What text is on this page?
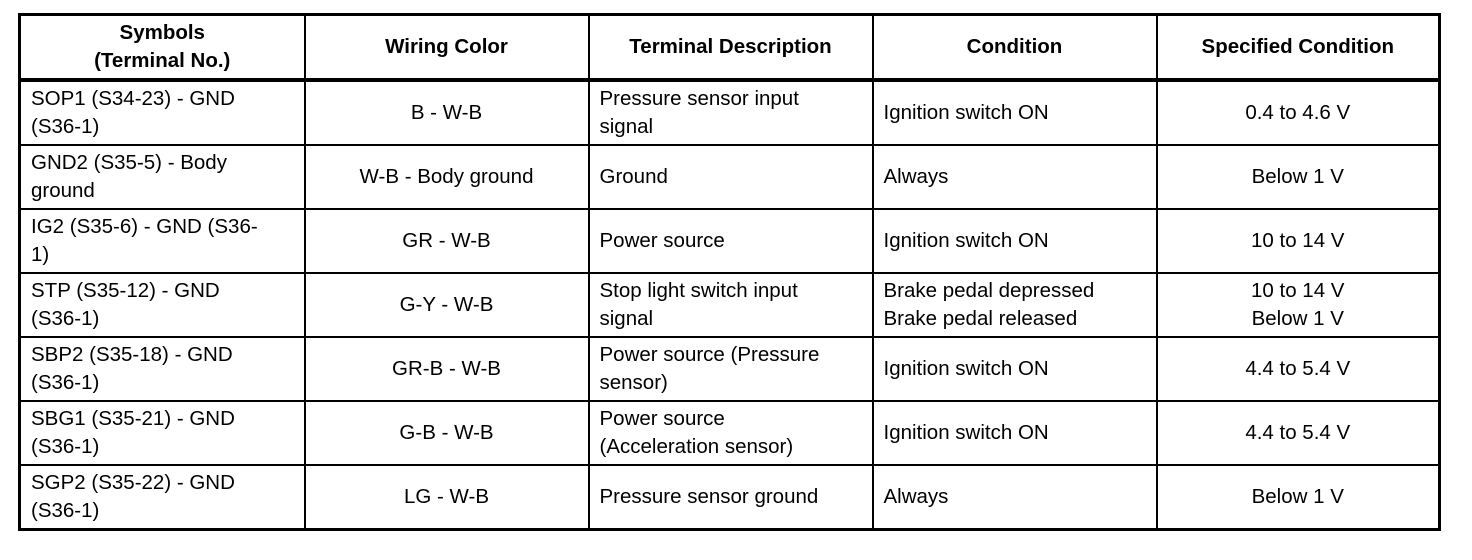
Symbols
(Terminal No.)	Wiring Color	Terminal Description	Condition	Specified Condition

SOP1 (S34-23) - GND
(S36-1)	B - W-B	Pressure sensor input
signal	Ignition switch ON	0.4 to 4.6 V

GND2 (S35-5) - Body
ground	W-B - Body ground	Ground	Always	Below 1 V

IG2 (S35-6) - GND (S36-
1)	GR - W-B	Power source	Ignition switch ON	10 to 14 V

STP (S35-12) - GND
(S36-1)	G-Y - W-B	Stop light switch input
signal	Brake pedal depressed
Brake pedal released	10 to 14 V
Below 1 V

SBP2 (S35-18) - GND
(S36-1)	GR-B - W-B	Power source (Pressure
sensor)	Ignition switch ON	4.4 to 5.4 V

SBG1 (S35-21) - GND
(S36-1)	G-B - W-B	Power source
(Acceleration sensor)	Ignition switch ON	4.4 to 5.4 V

SGP2 (S35-22) - GND
(S36-1)	LG - W-B	Pressure sensor ground	Always	Below 1 V
